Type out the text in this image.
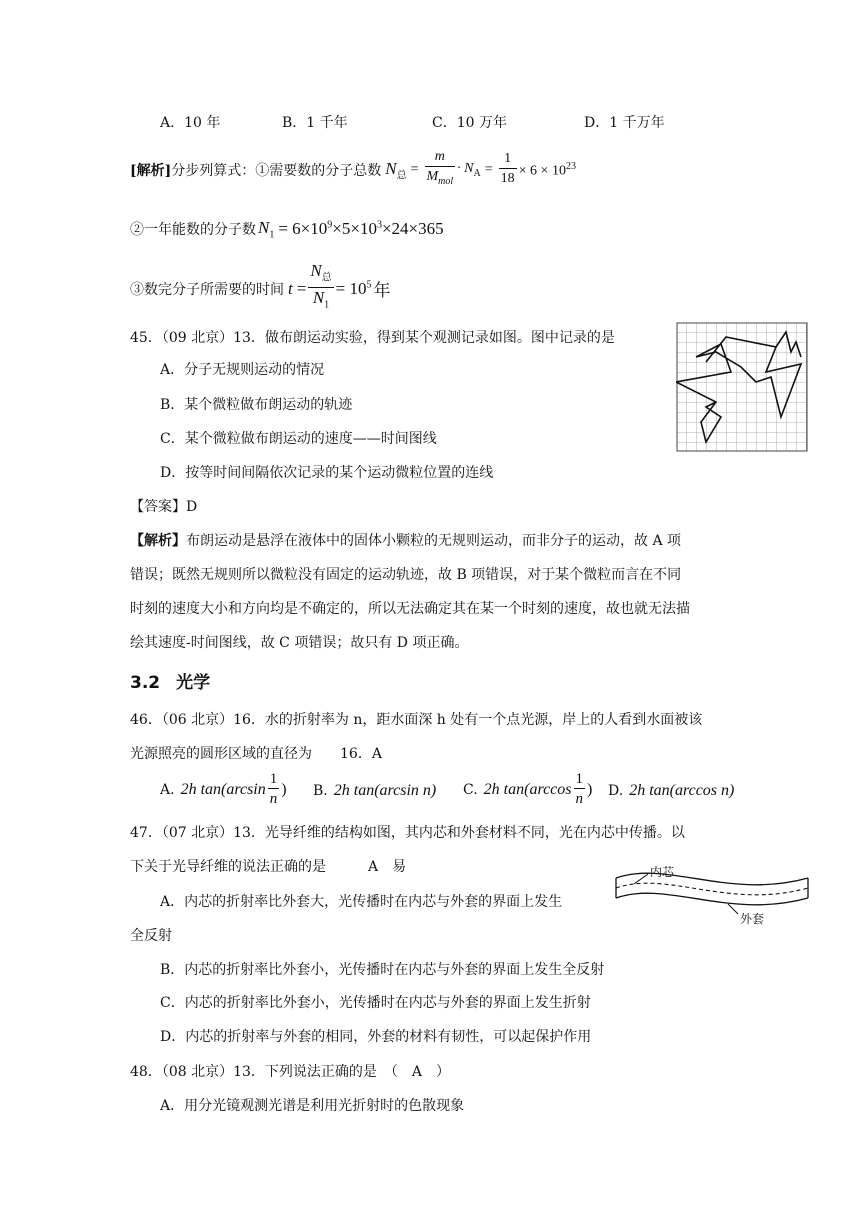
A．10 年	B．1 千年	C．10 万年	D．1 千万年
[解析] 分步列算式：①需要数的分子总数 $N_总 = \frac{m}{M_{mol}} \cdot N_A = \frac{1}{18} \times 6 \times 10^{23}$
②一年能数的分子数 $N_1 = 6\times 10^9\times 5\times 10^3\times 24\times 365$
③数完分子所需要的时间 $t = \frac{N_总}{N_1} = 10^5$ 年
45．（09 北京）13．做布朗运动实验，得到某个观测记录如图。图中记录的是
A．分子无规则运动的情况
B．某个微粒做布朗运动的轨迹
C．某个微粒做布朗运动的速度——时间图线
D．按等时间间隔依次记录的某个运动微粒位置的连线
【答案】D
【解析】布朗运动是悬浮在液体中的固体小颗粒的无规则运动，而非分子的运动，故 A 项
错误；既然无规则所以微粒没有固定的运动轨迹，故 B 项错误，对于某个微粒而言在不同
时刻的速度大小和方向均是不确定的，所以无法确定其在某一个时刻的速度，故也就无法描
绘其速度-时间图线，故 C 项错误；故只有 D 项正确。
3.2 光学
46．（06 北京）16．水的折射率为 n，距水面深 h 处有一个点光源，岸上的人看到水面被该
光源照亮的圆形区域的直径为　　16．A
A. 2h $\tan(\arcsin \frac{1}{n}$ ) B. 2h tan(arcsin n) C. 2h $\tan(\arccos \frac{1}{n}$ ) D. 2h tan(arccos n)
47．（07 北京）13．光导纤维的结构如图，其内芯和外套材料不同，光在内芯中传播。以
下关于光导纤维的说法正确的是　　　A　易
A．内芯的折射率比外套大，光传播时在内芯与外套的界面上发生
全反射
B．内芯的折射率比外套小，光传播时在内芯与外套的界面上发生全反射
C．内芯的折射率比外套小，光传播时在内芯与外套的界面上发生折射
D．内芯的折射率与外套的相同，外套的材料有韧性，可以起保护作用
内芯
外套
48．（08 北京）13．下列说法正确的是　（　A　）
A．用分光镜观测光谱是利用光折射时的色散现象
